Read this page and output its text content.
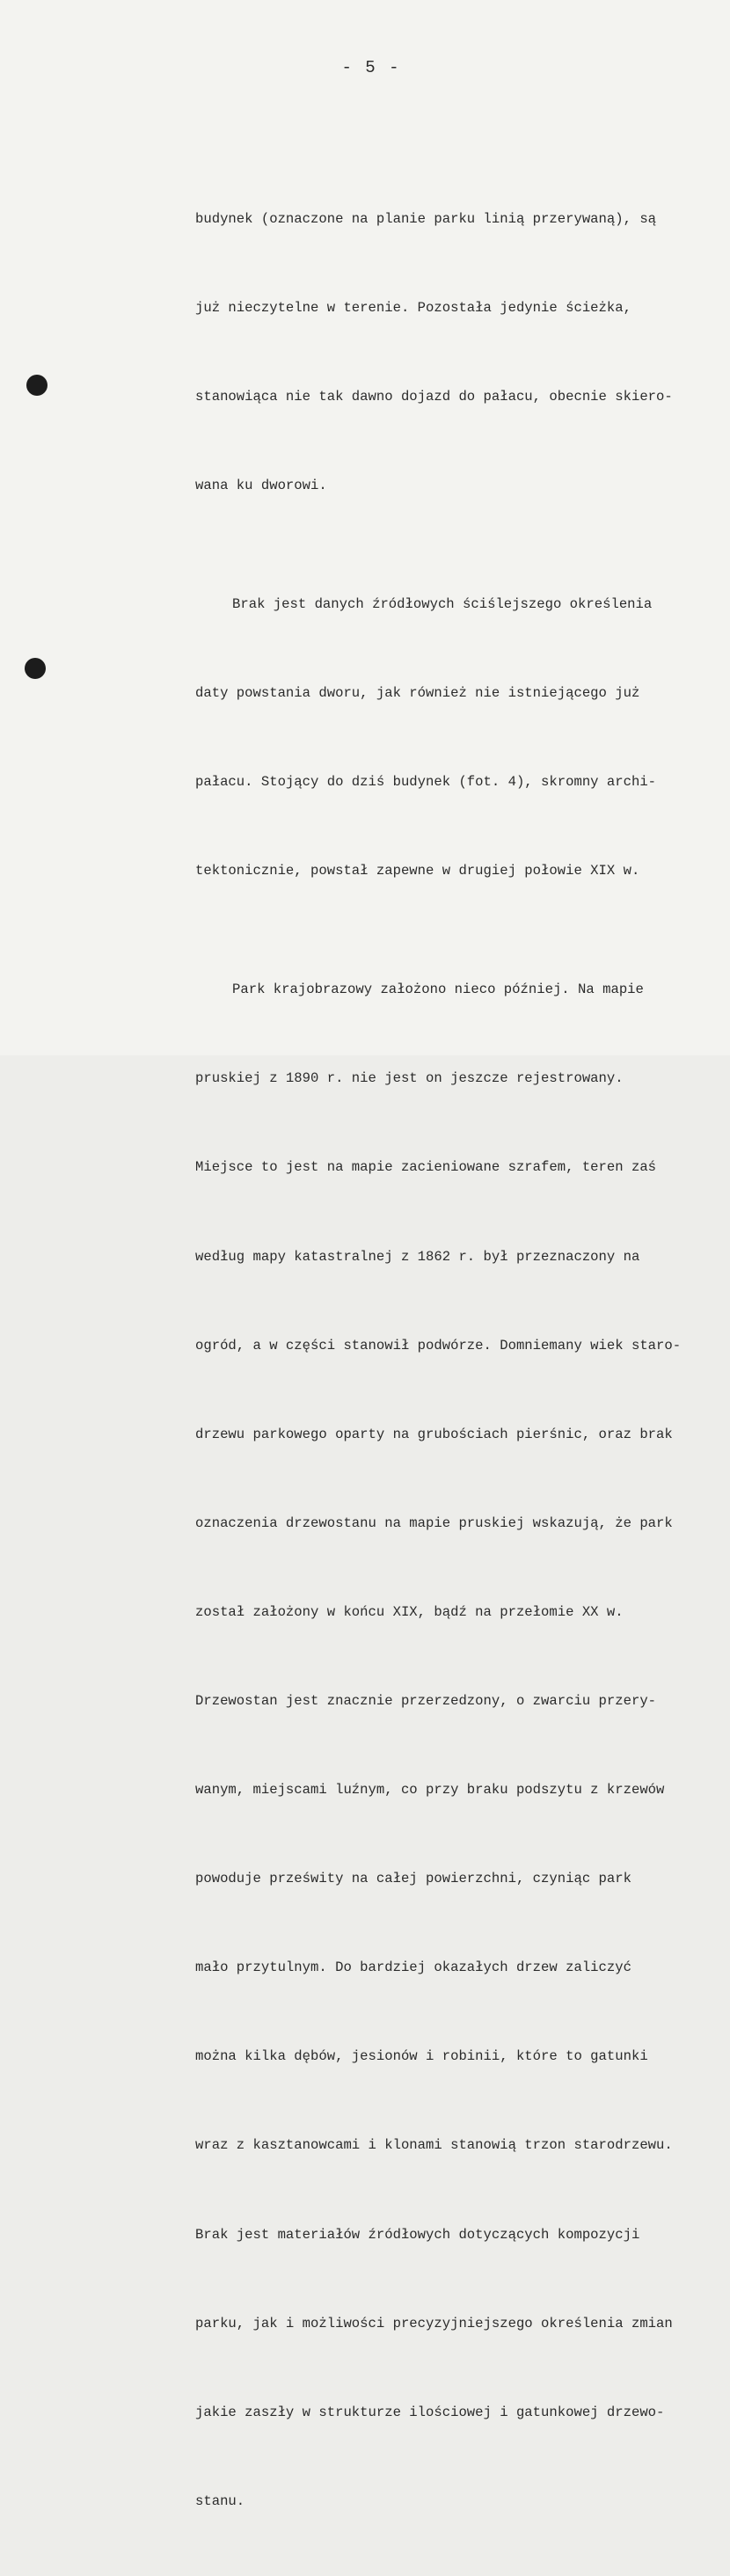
- 5 -

budynek (oznaczone na planie parku linią przerywaną), są

już nieczytelne w terenie. Pozostała jedynie ścieżka,

stanowiąca nie tak dawno dojazd do pałacu, obecnie skiero-

wana ku dworowi.

Brak jest danych źródłowych ściślejszego określenia

daty powstania dworu, jak również nie istniejącego już

pałacu. Stojący do dziś budynek (fot. 4), skromny archi-

tektonicznie, powstał zapewne w drugiej połowie XIX w.

Park krajobrazowy założono nieco później. Na mapie

pruskiej z 1890 r. nie jest on jeszcze rejestrowany.

Miejsce to jest na mapie zacieniowane szrafem, teren zaś

według mapy katastralnej z 1862 r. był przeznaczony na

ogród, a w części stanowił podwórze. Domniemany wiek staro-

drzewu parkowego oparty na grubościach pierśnic, oraz brak

oznaczenia drzewostanu na mapie pruskiej wskazują, że park

został założony w końcu XIX, bądź na przełomie XX w.

Drzewostan jest znacznie przerzedzony, o zwarciu przery-

wanym, miejscami luźnym, co przy braku podszytu z krzewów

powoduje prześwity na całej powierzchni, czyniąc park

mało przytulnym. Do bardziej okazałych drzew zaliczyć

można kilka dębów, jesionów i robinii, które to gatunki

wraz z kasztanowcami i klonami stanowią trzon starodrzewu.

Brak jest materiałów źródłowych dotyczących kompozycji

parku, jak i możliwości precyzyjniejszego określenia zmian

jakie zaszły w strukturze ilościowej i gatunkowej drzewo-

stanu.
